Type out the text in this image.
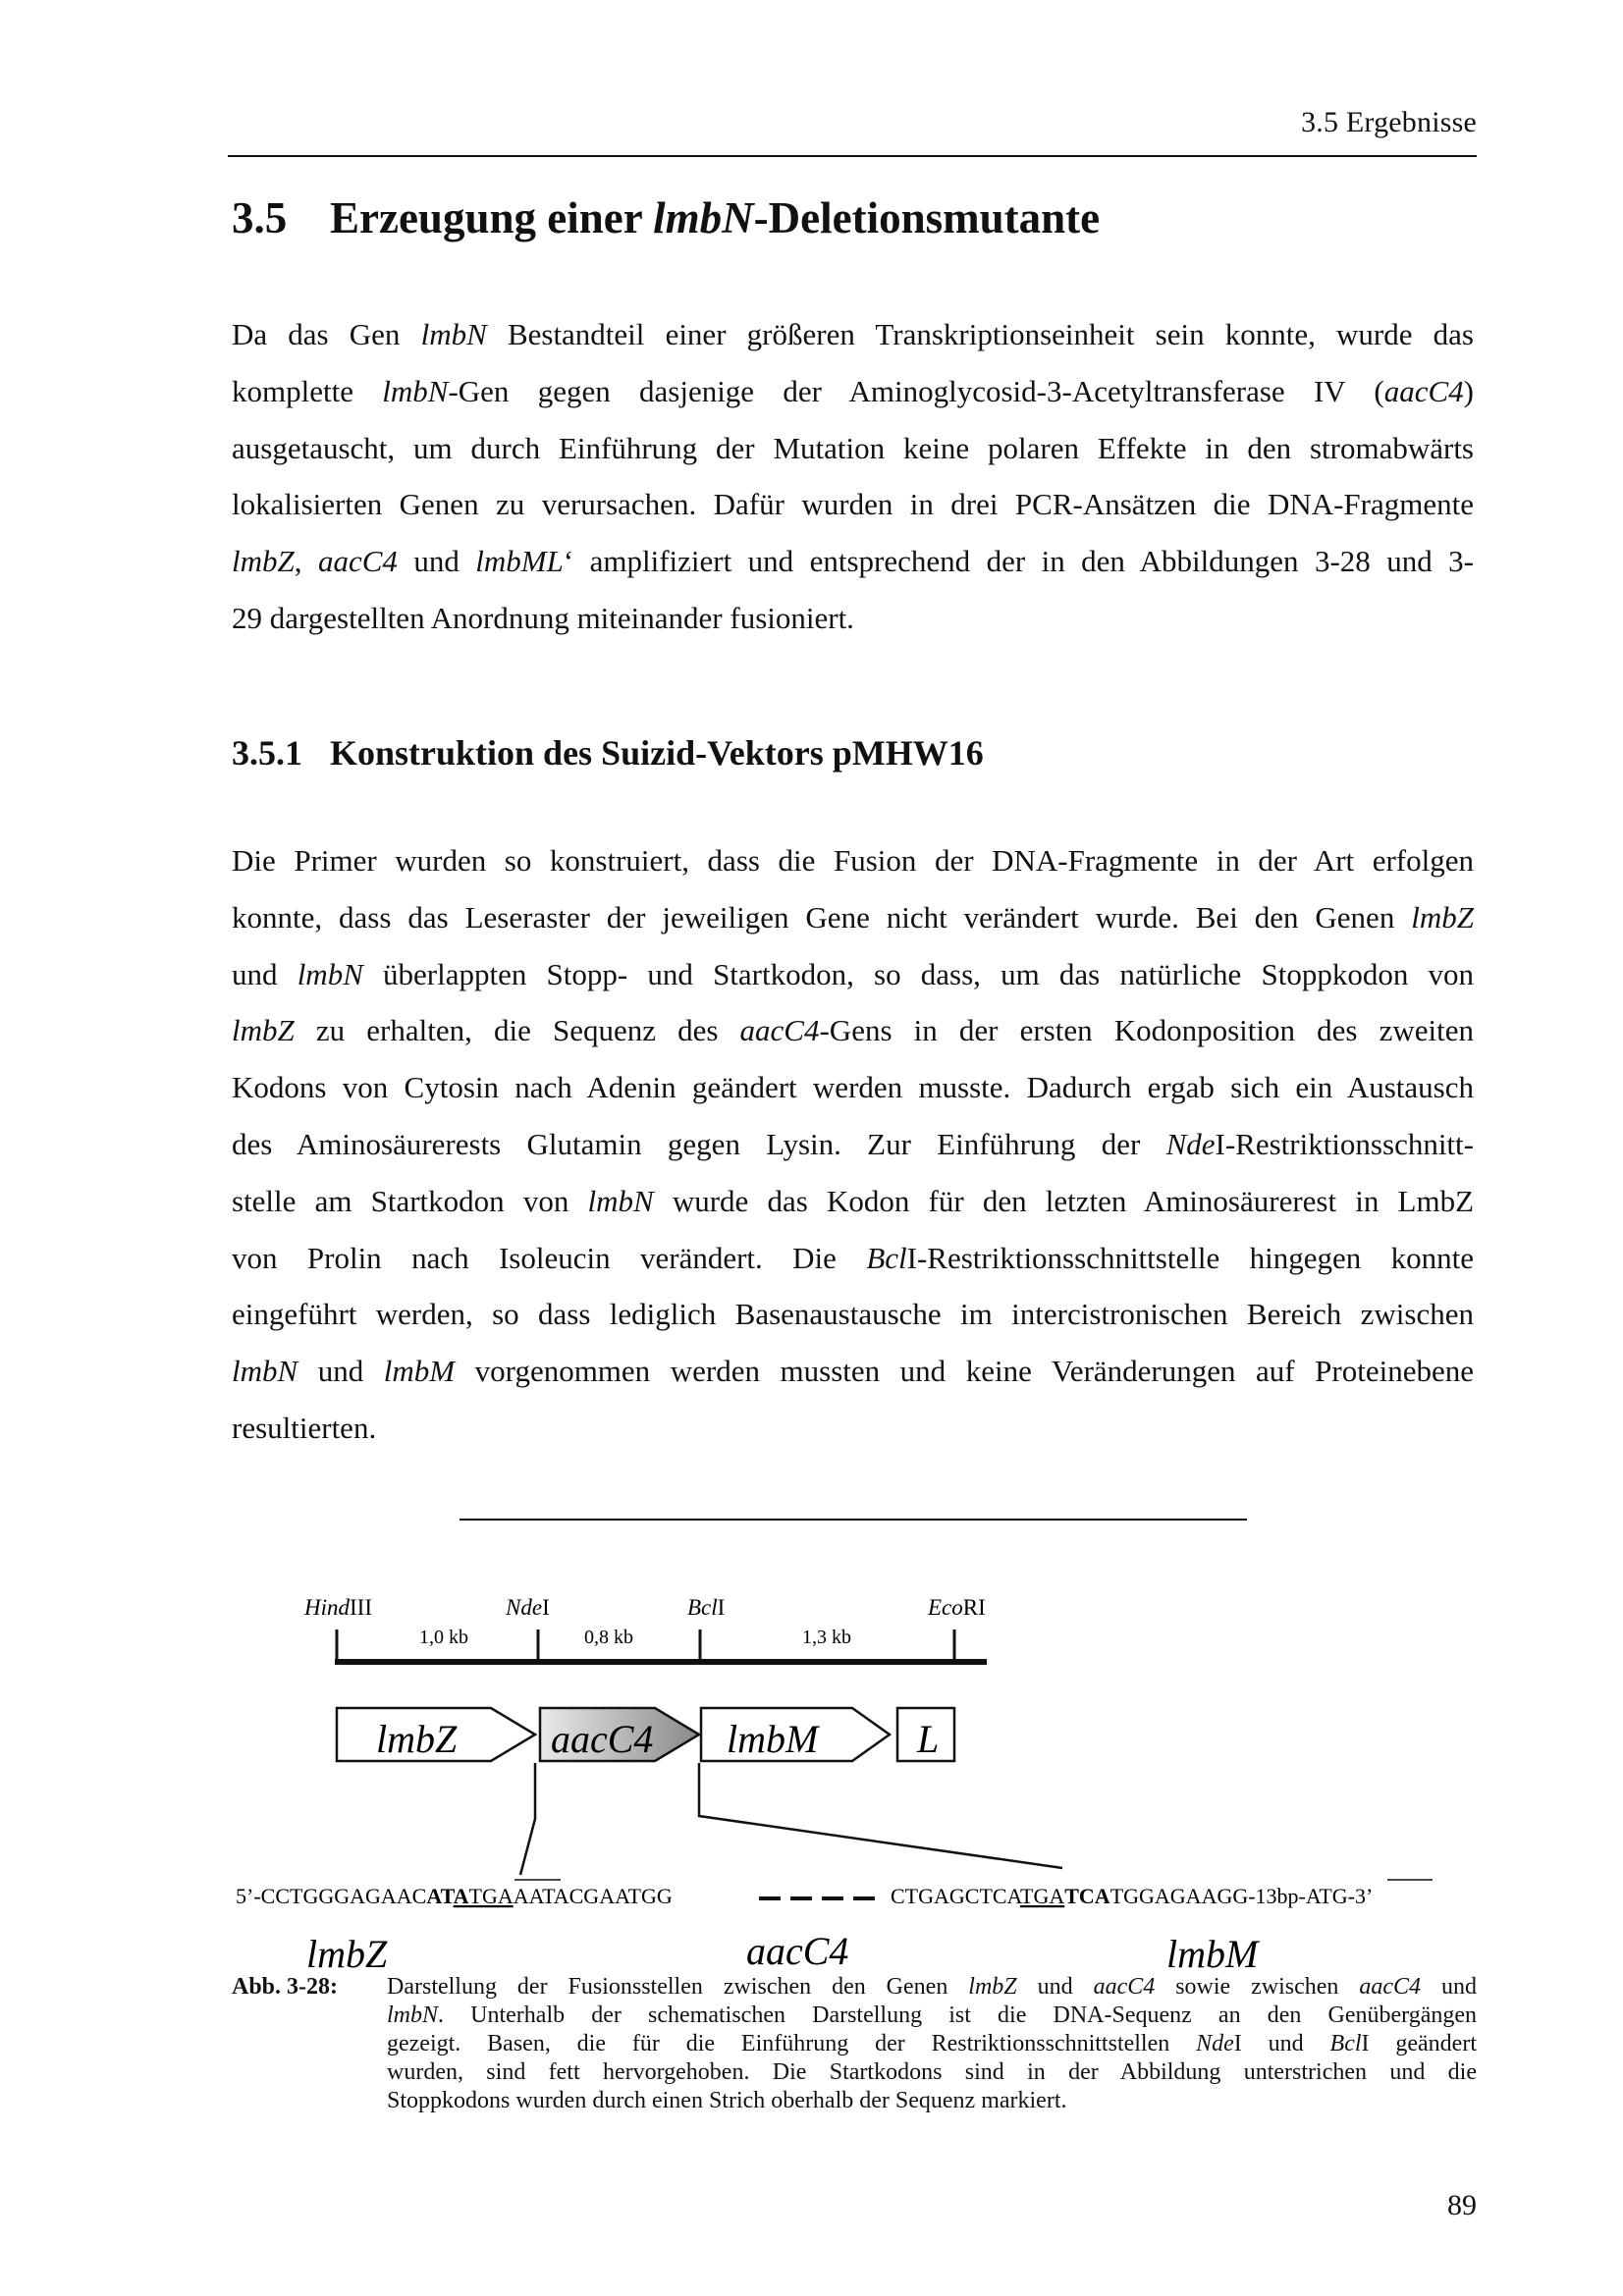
3.5 Ergebnisse
3.5 Erzeugung einer lmbN-Deletionsmutante
Da das Gen lmbN Bestandteil einer größeren Transkriptionseinheit sein konnte, wurde das
komplette lmbN-Gen gegen dasjenige der Aminoglycosid-3-Acetyltransferase IV (aacC4)
ausgetauscht, um durch Einführung der Mutation keine polaren Effekte in den stromabwärts
lokalisierten Genen zu verursachen. Dafür wurden in drei PCR-Ansätzen die DNA-Fragmente
lmbZ, aacC4 und lmbML‘ amplifiziert und entsprechend der in den Abbildungen 3-28 und 3-
29 dargestellten Anordnung miteinander fusioniert.
3.5.1 Konstruktion des Suizid-Vektors pMHW16
Die Primer wurden so konstruiert, dass die Fusion der DNA-Fragmente in der Art erfolgen
konnte, dass das Leseraster der jeweiligen Gene nicht verändert wurde. Bei den Genen lmbZ
und lmbN überlappten Stopp- und Startkodon, so dass, um das natürliche Stoppkodon von
lmbZ zu erhalten, die Sequenz des aacC4-Gens in der ersten Kodonposition des zweiten
Kodons von Cytosin nach Adenin geändert werden musste. Dadurch ergab sich ein Austausch
des Aminosäurerests Glutamin gegen Lysin. Zur Einführung der NdeI-Restriktionsschnitt-
stelle am Startkodon von lmbN wurde das Kodon für den letzten Aminosäurerest in LmbZ
von Prolin nach Isoleucin verändert. Die BclI-Restriktionsschnittstelle hingegen konnte
eingeführt werden, so dass lediglich Basenaustausche im intercistronischen Bereich zwischen
lmbN und lmbM vorgenommen werden mussten und keine Veränderungen auf Proteinebene
resultierten.
HindIII	NdeI	BclI	EcoRI
1,0 kb	0,8 kb	1,3 kb
lmbZ aacC4 lmbM	L
5’-CCTGGGAGAACATATGAAATACGAATGG	CTGAGCTCATGATCATGGAGAAGG-13bp-ATG-3’
lmbZ	aacC4	lmbM
Abb. 3-28: Darstellung der Fusionsstellen zwischen den Genen lmbZ und aacC4 sowie zwischen aacC4 und
lmbN. Unterhalb der schematischen Darstellung ist die DNA-Sequenz an den Genübergängen
gezeigt. Basen, die für die Einführung der Restriktionsschnittstellen NdeI und BclI geändert
wurden, sind fett hervorgehoben. Die Startkodons sind in der Abbildung unterstrichen und die
Stoppkodons wurden durch einen Strich oberhalb der Sequenz markiert.
89
